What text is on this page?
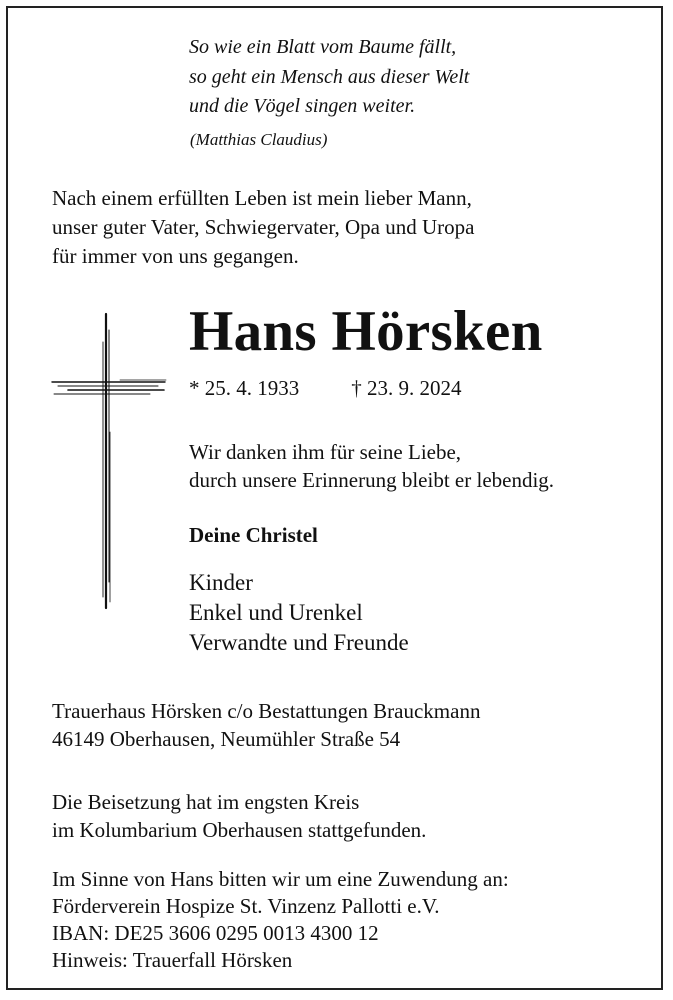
So wie ein Blatt vom Baume fällt,
so geht ein Mensch aus dieser Welt
und die Vögel singen weiter.
(Matthias Claudius)
Nach einem erfüllten Leben ist mein lieber Mann,
unser guter Vater, Schwiegervater, Opa und Uropa
für immer von uns gegangen.
Hans Hörsken
* 25. 4. 1933 † 23. 9. 2024
Wir danken ihm für seine Liebe,
durch unsere Erinnerung bleibt er lebendig.
Deine Christel
Kinder
Enkel und Urenkel
Verwandte und Freunde
Trauerhaus Hörsken c/o Bestattungen Brauckmann
46149 Oberhausen, Neumühler Straße 54
Die Beisetzung hat im engsten Kreis
im Kolumbarium Oberhausen stattgefunden.
Im Sinne von Hans bitten wir um eine Zuwendung an:
Förderverein Hospize St. Vinzenz Pallotti e.V.
IBAN: DE25 3606 0295 0013 4300 12
Hinweis: Trauerfall Hörsken
